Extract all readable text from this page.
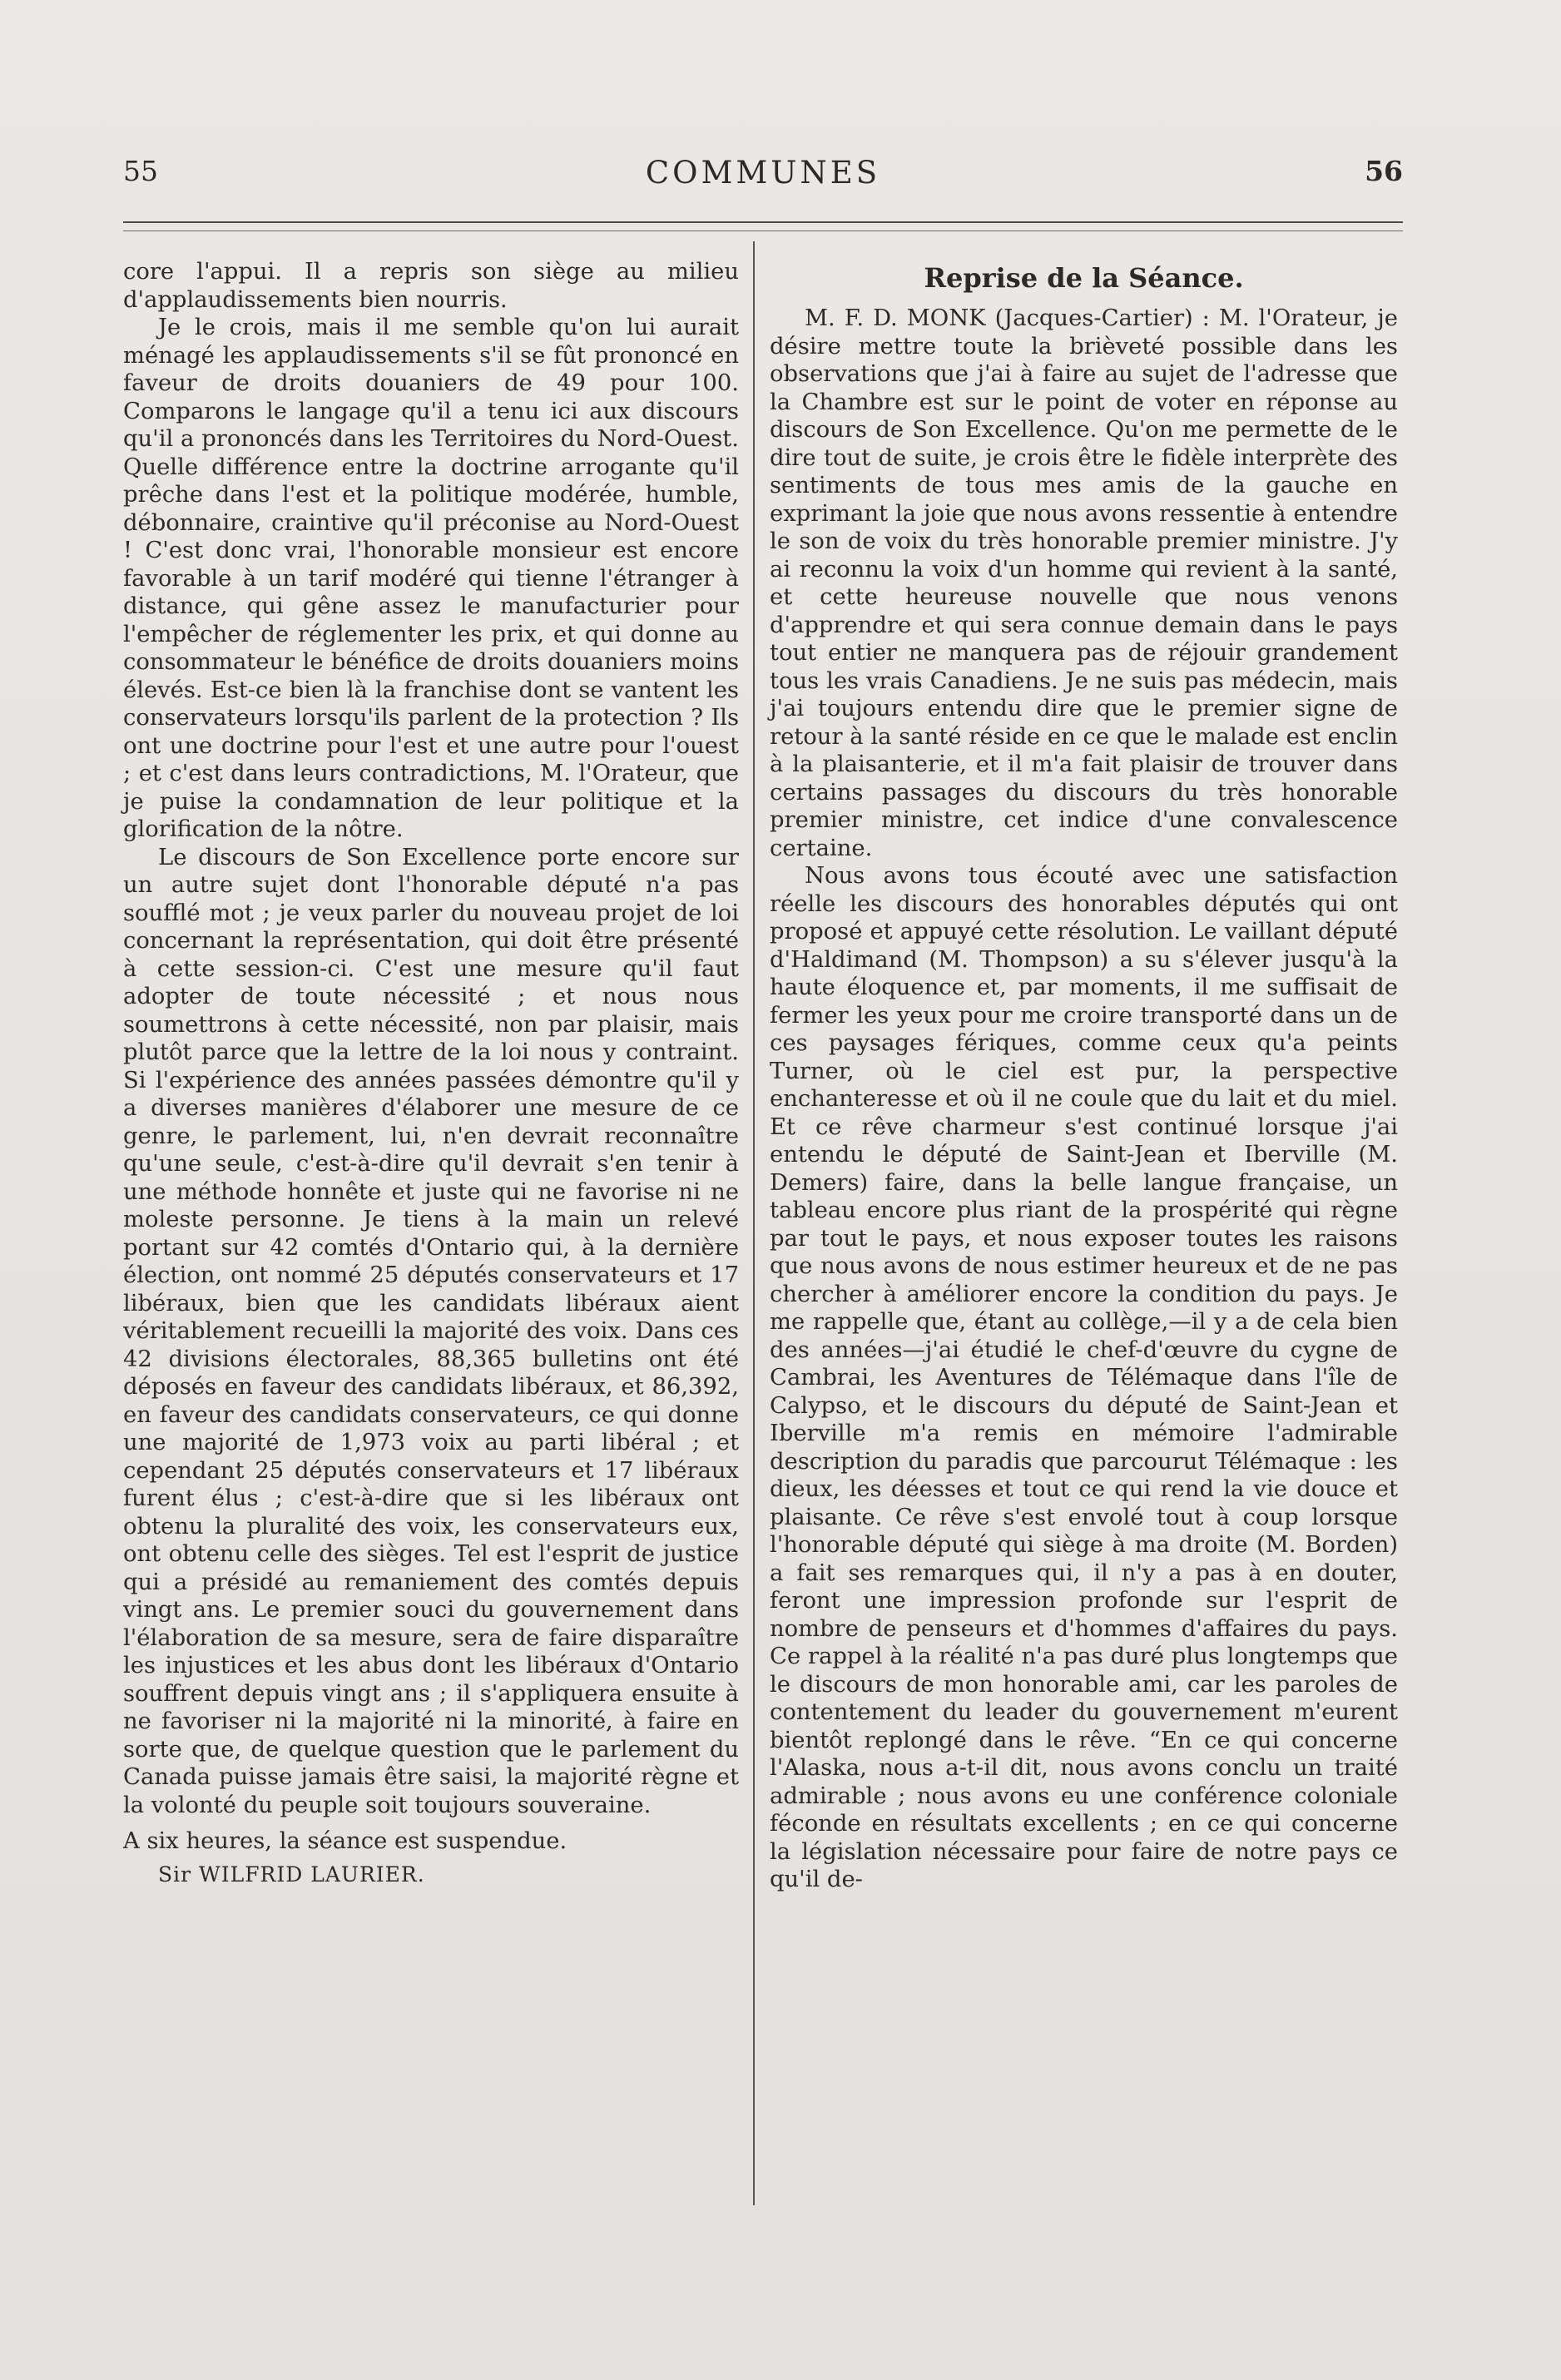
55	COMMUNES	56

core l'appui. Il a repris son siège au milieu d'applaudissements bien nourris.

Je le crois, mais il me semble qu'on lui aurait ménagé les applaudissements s'il se fût prononcé en faveur de droits douaniers de 49 pour 100. Comparons le langage qu'il a tenu ici aux discours qu'il a prononcés dans les Territoires du Nord-Ouest. Quelle différence entre la doctrine arrogante qu'il prêche dans l'est et la politique modérée, humble, débonnaire, craintive qu'il préconise au Nord-Ouest ! C'est donc vrai, l'honorable monsieur est encore favorable à un tarif modéré qui tienne l'étranger à distance, qui gêne assez le manufacturier pour l'empêcher de réglementer les prix, et qui donne au consommateur le bénéfice de droits douaniers moins élevés. Est-ce bien là la franchise dont se vantent les conservateurs lorsqu'ils parlent de la protection ? Ils ont une doctrine pour l'est et une autre pour l'ouest ; et c'est dans leurs contradictions, M. l'Orateur, que je puise la condamnation de leur politique et la glorification de la nôtre.

Le discours de Son Excellence porte encore sur un autre sujet dont l'honorable député n'a pas soufflé mot ; je veux parler du nouveau projet de loi concernant la représentation, qui doit être présenté à cette session-ci. C'est une mesure qu'il faut adopter de toute nécessité ; et nous nous soumettrons à cette nécessité, non par plaisir, mais plutôt parce que la lettre de la loi nous y contraint. Si l'expérience des années passées démontre qu'il y a diverses manières d'élaborer une mesure de ce genre, le parlement, lui, n'en devrait reconnaître qu'une seule, c'est-à-dire qu'il devrait s'en tenir à une méthode honnête et juste qui ne favorise ni ne moleste personne. Je tiens à la main un relevé portant sur 42 comtés d'Ontario qui, à la dernière élection, ont nommé 25 députés conservateurs et 17 libéraux, bien que les candidats libéraux aient véritablement recueilli la majorité des voix. Dans ces 42 divisions électorales, 88,365 bulletins ont été déposés en faveur des candidats libéraux, et 86,392, en faveur des candidats conservateurs, ce qui donne une majorité de 1,973 voix au parti libéral ; et cependant 25 députés conservateurs et 17 libéraux furent élus ; c'est-à-dire que si les libéraux ont obtenu la pluralité des voix, les conservateurs eux, ont obtenu celle des sièges. Tel est l'esprit de justice qui a présidé au remaniement des comtés depuis vingt ans. Le premier souci du gouvernement dans l'élaboration de sa mesure, sera de faire disparaître les injustices et les abus dont les libéraux d'Ontario souffrent depuis vingt ans ; il s'appliquera ensuite à ne favoriser ni la majorité ni la minorité, à faire en sorte que, de quelque question que le parlement du Canada puisse jamais être saisi, la majorité règne et la volonté du peuple soit toujours souveraine.

A six heures, la séance est suspendue.

Sir WILFRID LAURIER.

Reprise de la Séance.

M. F. D. MONK (Jacques-Cartier) : M. l'Orateur, je désire mettre toute la brièveté possible dans les observations que j'ai à faire au sujet de l'adresse que la Chambre est sur le point de voter en réponse au discours de Son Excellence. Qu'on me permette de le dire tout de suite, je crois être le fidèle interprète des sentiments de tous mes amis de la gauche en exprimant la joie que nous avons ressentie à entendre le son de voix du très honorable premier ministre. J'y ai reconnu la voix d'un homme qui revient à la santé, et cette heureuse nouvelle que nous venons d'apprendre et qui sera connue demain dans le pays tout entier ne manquera pas de réjouir grandement tous les vrais Canadiens. Je ne suis pas médecin, mais j'ai toujours entendu dire que le premier signe de retour à la santé réside en ce que le malade est enclin à la plaisanterie, et il m'a fait plaisir de trouver dans certains passages du discours du très honorable premier ministre, cet indice d'une convalescence certaine.

Nous avons tous écouté avec une satisfaction réelle les discours des honorables députés qui ont proposé et appuyé cette résolution. Le vaillant député d'Haldimand (M. Thompson) a su s'élever jusqu'à la haute éloquence et, par moments, il me suffisait de fermer les yeux pour me croire transporté dans un de ces paysages fériques, comme ceux qu'a peints Turner, où le ciel est pur, la perspective enchanteresse et où il ne coule que du lait et du miel. Et ce rêve charmeur s'est continué lorsque j'ai entendu le député de Saint-Jean et Iberville (M. Demers) faire, dans la belle langue française, un tableau encore plus riant de la prospérité qui règne par tout le pays, et nous exposer toutes les raisons que nous avons de nous estimer heureux et de ne pas chercher à améliorer encore la condition du pays. Je me rappelle que, étant au collège,—il y a de cela bien des années—j'ai étudié le chef-d'œuvre du cygne de Cambrai, les Aventures de Télémaque dans l'île de Calypso, et le discours du député de Saint-Jean et Iberville m'a remis en mémoire l'admirable description du paradis que parcourut Télémaque : les dieux, les déesses et tout ce qui rend la vie douce et plaisante. Ce rêve s'est envolé tout à coup lorsque l'honorable député qui siège à ma droite (M. Borden) a fait ses remarques qui, il n'y a pas à en douter, feront une impression profonde sur l'esprit de nombre de penseurs et d'hommes d'affaires du pays. Ce rappel à la réalité n'a pas duré plus longtemps que le discours de mon honorable ami, car les paroles de contentement du leader du gouvernement m'eurent bientôt replongé dans le rêve. “En ce qui concerne l'Alaska, nous a-t-il dit, nous avons conclu un traité admirable ; nous avons eu une conférence coloniale féconde en résultats excellents ; en ce qui concerne la législation nécessaire pour faire de notre pays ce qu'il de-
